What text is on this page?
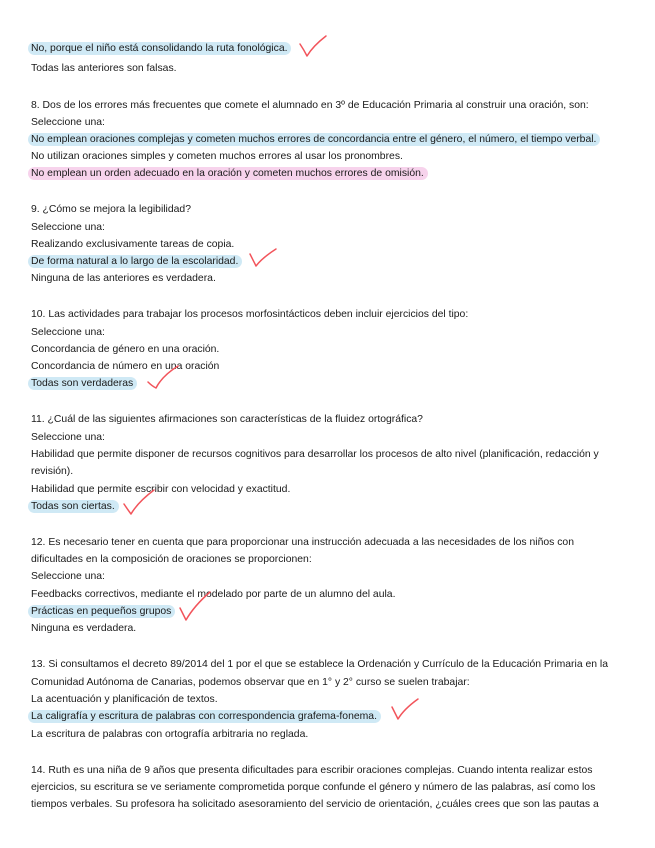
No, porque el niño está consolidando la ruta fonológica.
Todas las anteriores son falsas.
8. Dos de los errores más frecuentes que comete el alumnado en 3º de Educación Primaria al construir una oración, son:
Seleccione una:
No emplean oraciones complejas y cometen muchos errores de concordancia entre el género, el número, el tiempo verbal.
No utilizan oraciones simples y cometen muchos errores al usar los pronombres.
No emplean un orden adecuado en la oración y cometen muchos errores de omisión.
9. ¿Cómo se mejora la legibilidad?
Seleccione una:
Realizando exclusivamente tareas de copia.
De forma natural a lo largo de la escolaridad.
Ninguna de las anteriores es verdadera.
10. Las actividades para trabajar los procesos morfosintácticos deben incluir ejercicios del tipo:
Seleccione una:
Concordancia de género en una oración.
Concordancia de número en una oración
Todas son verdaderas
11. ¿Cuál de las siguientes afirmaciones son características de la fluidez ortográfica?
Seleccione una:
Habilidad que permite disponer de recursos cognitivos para desarrollar los procesos de alto nivel (planificación, redacción y
revisión).
Habilidad que permite escribir con velocidad y exactitud.
Todas son ciertas.
12. Es necesario tener en cuenta que para proporcionar una instrucción adecuada a las necesidades de los niños con
dificultades en la composición de oraciones se proporcionen:
Seleccione una:
Feedbacks correctivos, mediante el modelado por parte de un alumno del aula.
Prácticas en pequeños grupos
Ninguna es verdadera.
13. Si consultamos el decreto 89/2014 del 1 por el que se establece la Ordenación y Currículo de la Educación Primaria en la
Comunidad Autónoma de Canarias, podemos observar que en 1° y 2° curso se suelen trabajar:
La acentuación y planificación de textos.
La caligrafía y escritura de palabras con correspondencia grafema-fonema.
La escritura de palabras con ortografía arbitraria no reglada.
14. Ruth es una niña de 9 años que presenta dificultades para escribir oraciones complejas. Cuando intenta realizar estos
ejercicios, su escritura se ve seriamente comprometida porque confunde el género y número de las palabras, así como los
tiempos verbales. Su profesora ha solicitado asesoramiento del servicio de orientación, ¿cuáles crees que son las pautas a
